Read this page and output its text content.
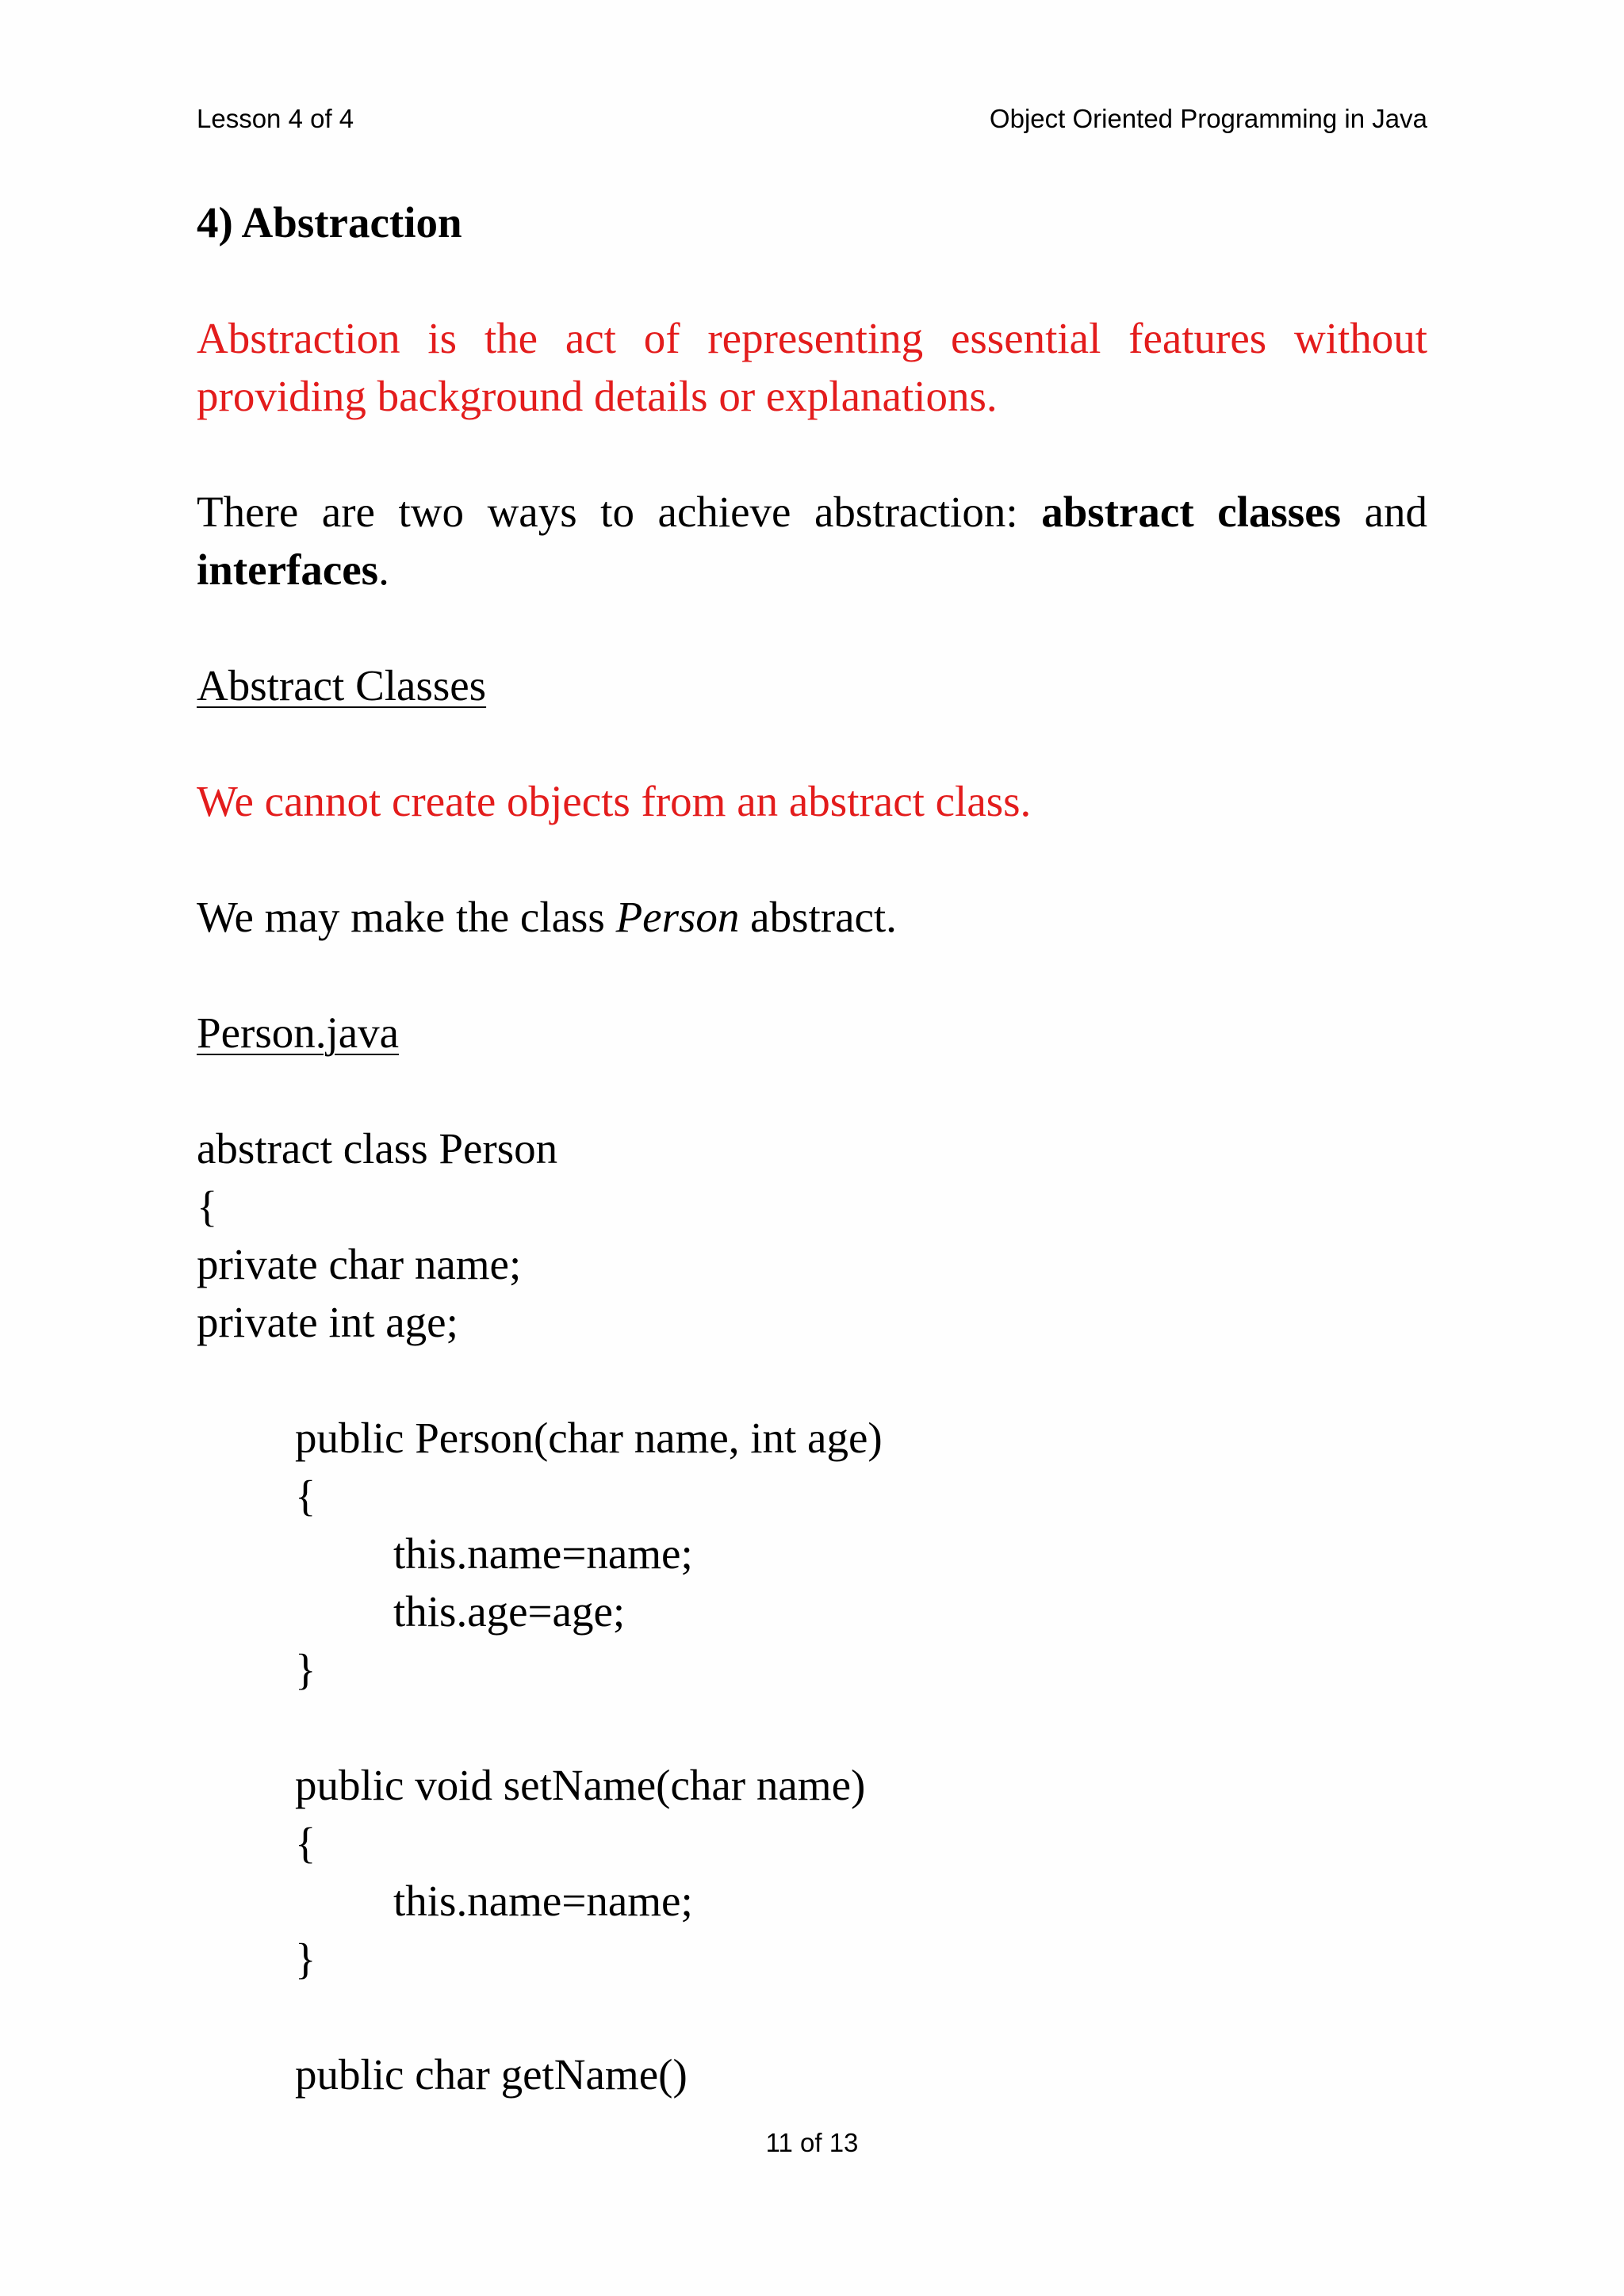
Lesson 4 of 4	Object Oriented Programming in Java
4) Abstraction
Abstraction is the act of representing essential features without
providing background details or explanations.
There are two ways to achieve abstraction: abstract classes and
interfaces.
Abstract Classes
We cannot create objects from an abstract class.
We may make the class Person abstract.
Person.java
abstract class Person
{
private char name;
private int age;
public Person(char name, int age)
{
this.name=name;
this.age=age;
}
public void setName(char name)
{
this.name=name;
}
public char getName()
11 of 13
